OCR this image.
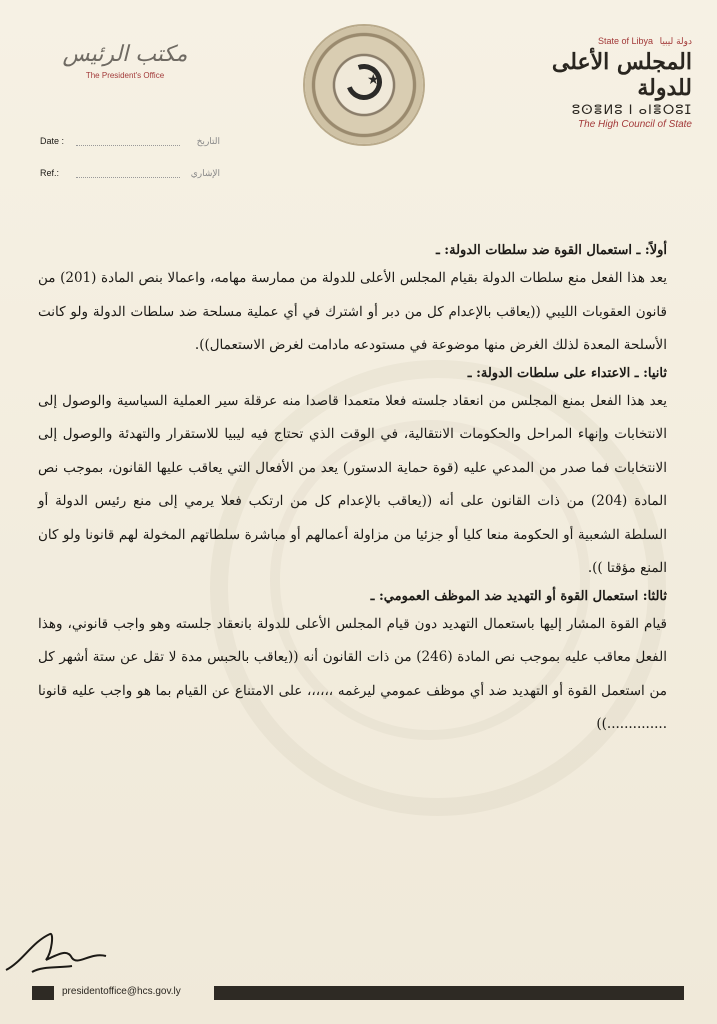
مكتب الرئيس
The President's Office	★
State of Libya دولة ليبيا
المجلس الأعلى للدولة
ⵓⵙⴻⵍⵓ ⵏ ⴰⵏⴻⵔⵓⵊ
The High Council of State
Date :	التاريخ
Ref.:	الإشاري

أولاً: ـ استعمال القوة ضد سلطات الدولة: ـ

يعد هذا الفعل منع سلطات الدولة بقيام المجلس الأعلى للدولة من ممارسة مهامه، واعمالا بنص المادة (201) من قانون العقوبات الليبي ((يعاقب بالإعدام كل من دبر أو اشترك في أي عملية مسلحة ضد سلطات الدولة ولو كانت الأسلحة المعدة لذلك الغرض منها موضوعة في مستودعه مادامت لغرض الاستعمال)).

ثانيا: ـ الاعتداء على سلطات الدولة: ـ

يعد هذا الفعل بمنع المجلس من انعقاد جلسته فعلا متعمدا قاصدا منه عرقلة سير العملية السياسية والوصول إلى الانتخابات وإنهاء المراحل والحكومات الانتقالية، في الوقت الذي تحتاج فيه ليبيا للاستقرار والتهدئة والوصول إلى الانتخابات فما صدر من المدعي عليه (قوة حماية الدستور) يعد من الأفعال التي يعاقب عليها القانون، بموجب نص المادة (204) من ذات القانون على أنه ((يعاقب بالإعدام كل من ارتكب فعلا يرمي إلى منع رئيس الدولة أو السلطة الشعبية أو الحكومة منعا كليا أو جزئيا من مزاولة أعمالهم أو مباشرة سلطاتهم المخولة لهم قانونا ولو كان المنع مؤقتا )).

ثالثا: استعمال القوة أو التهديد ضد الموظف العمومي: ـ

قيام القوة المشار إليها باستعمال التهديد دون قيام المجلس الأعلى للدولة بانعقاد جلسته وهو واجب قانوني، وهذا الفعل معاقب عليه بموجب نص المادة (246) من ذات القانون أنه ((يعاقب بالحبس مدة لا تقل عن ستة أشهر كل من استعمل القوة أو التهديد ضد أي موظف عمومي ليرغمه ،،،،،، على الامتناع عن القيام بما هو واجب عليه قانونا ..............))

presidentoffice@hcs.gov.ly
